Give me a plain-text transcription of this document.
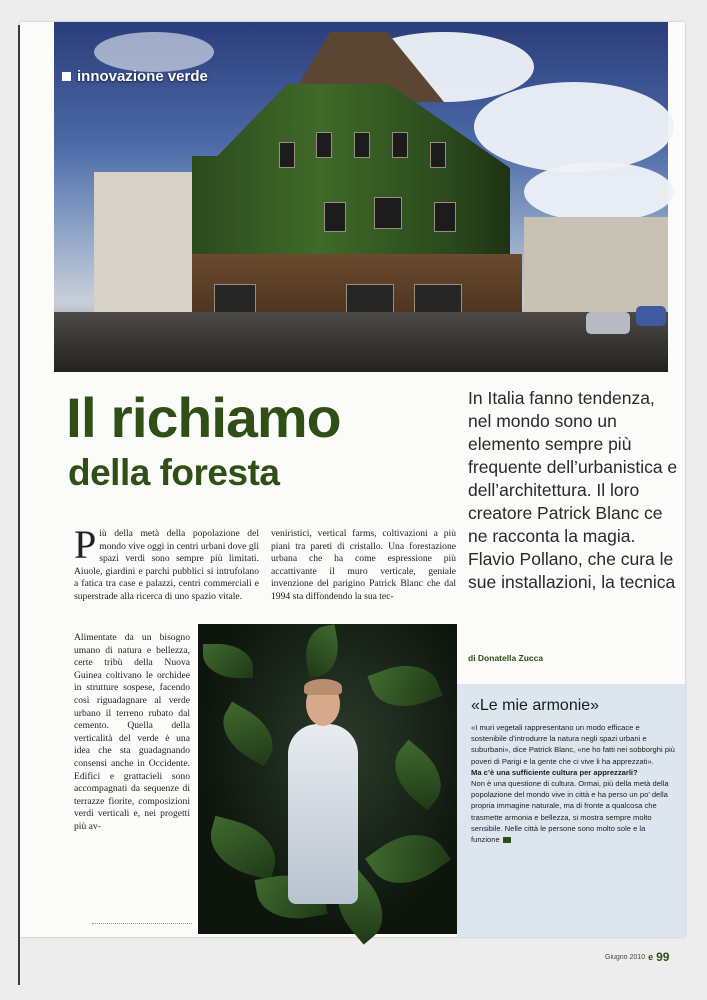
innovazione verde
Il richiamo
della foresta
In Italia fanno tendenza, nel mondo sono un elemento sempre più frequente dell’urbanistica e dell’architettura. Il loro creatore Patrick Blanc ce ne racconta la magia. Flavio Pollano, che cura le sue installazioni, la tecnica
di Donatella Zucca
Più della metà della popolazione del mondo vive oggi in centri urbani dove gli spazi verdi sono sempre più limitati. Aiuole, giardini e parchi pubblici si intrufolano a fatica tra case e palazzi, centri commerciali e superstrade alla ricerca di uno spazio vitale.
Alimentate da un bisogno umano di natura e bellezza, certe tribù della Nuova Guinea coltivano le orchidee in strutture sospese, facendo così riguadagnare al verde urbano il terreno rubato dal cemento. Quella della verticalità del verde è una idea che sta guadagnando consensi anche in Occidente. Edifici e grattacieli sono accompagnati da sequenze di terrazze fiorite, composizioni verdi verticali e, nei progetti più av-
veniristici, vertical farms, coltivazioni a più piani tra pareti di cristallo. Una forestazione urbana che ha come espressione più accattivante il muro verticale, geniale invenzione del parigino Patrick Blanc che dal 1994 sta diffondendo la sua tec-
«Le mie armonie»
«I muri vegetali rappresentano un modo efficace e sostenibile d’introdurre la natura negli spazi urbani e suburbani», dice Patrick Blanc, «ne ho fatti nei sobborghi più poveri di Parigi e la gente che ci vive li ha apprezzati».
Ma c’è una sufficiente cultura per apprezzarli?
Non è una questione di cultura. Ormai, più della metà della popolazione del mondo vive in città e ha perso un po’ della propria immagine naturale, ma di fronte a qualcosa che trasmette armonia e bellezza, si mostra sempre molto sensibile. Nelle città le persone sono molto sole e la funzione
Giugno 2010 e 99
